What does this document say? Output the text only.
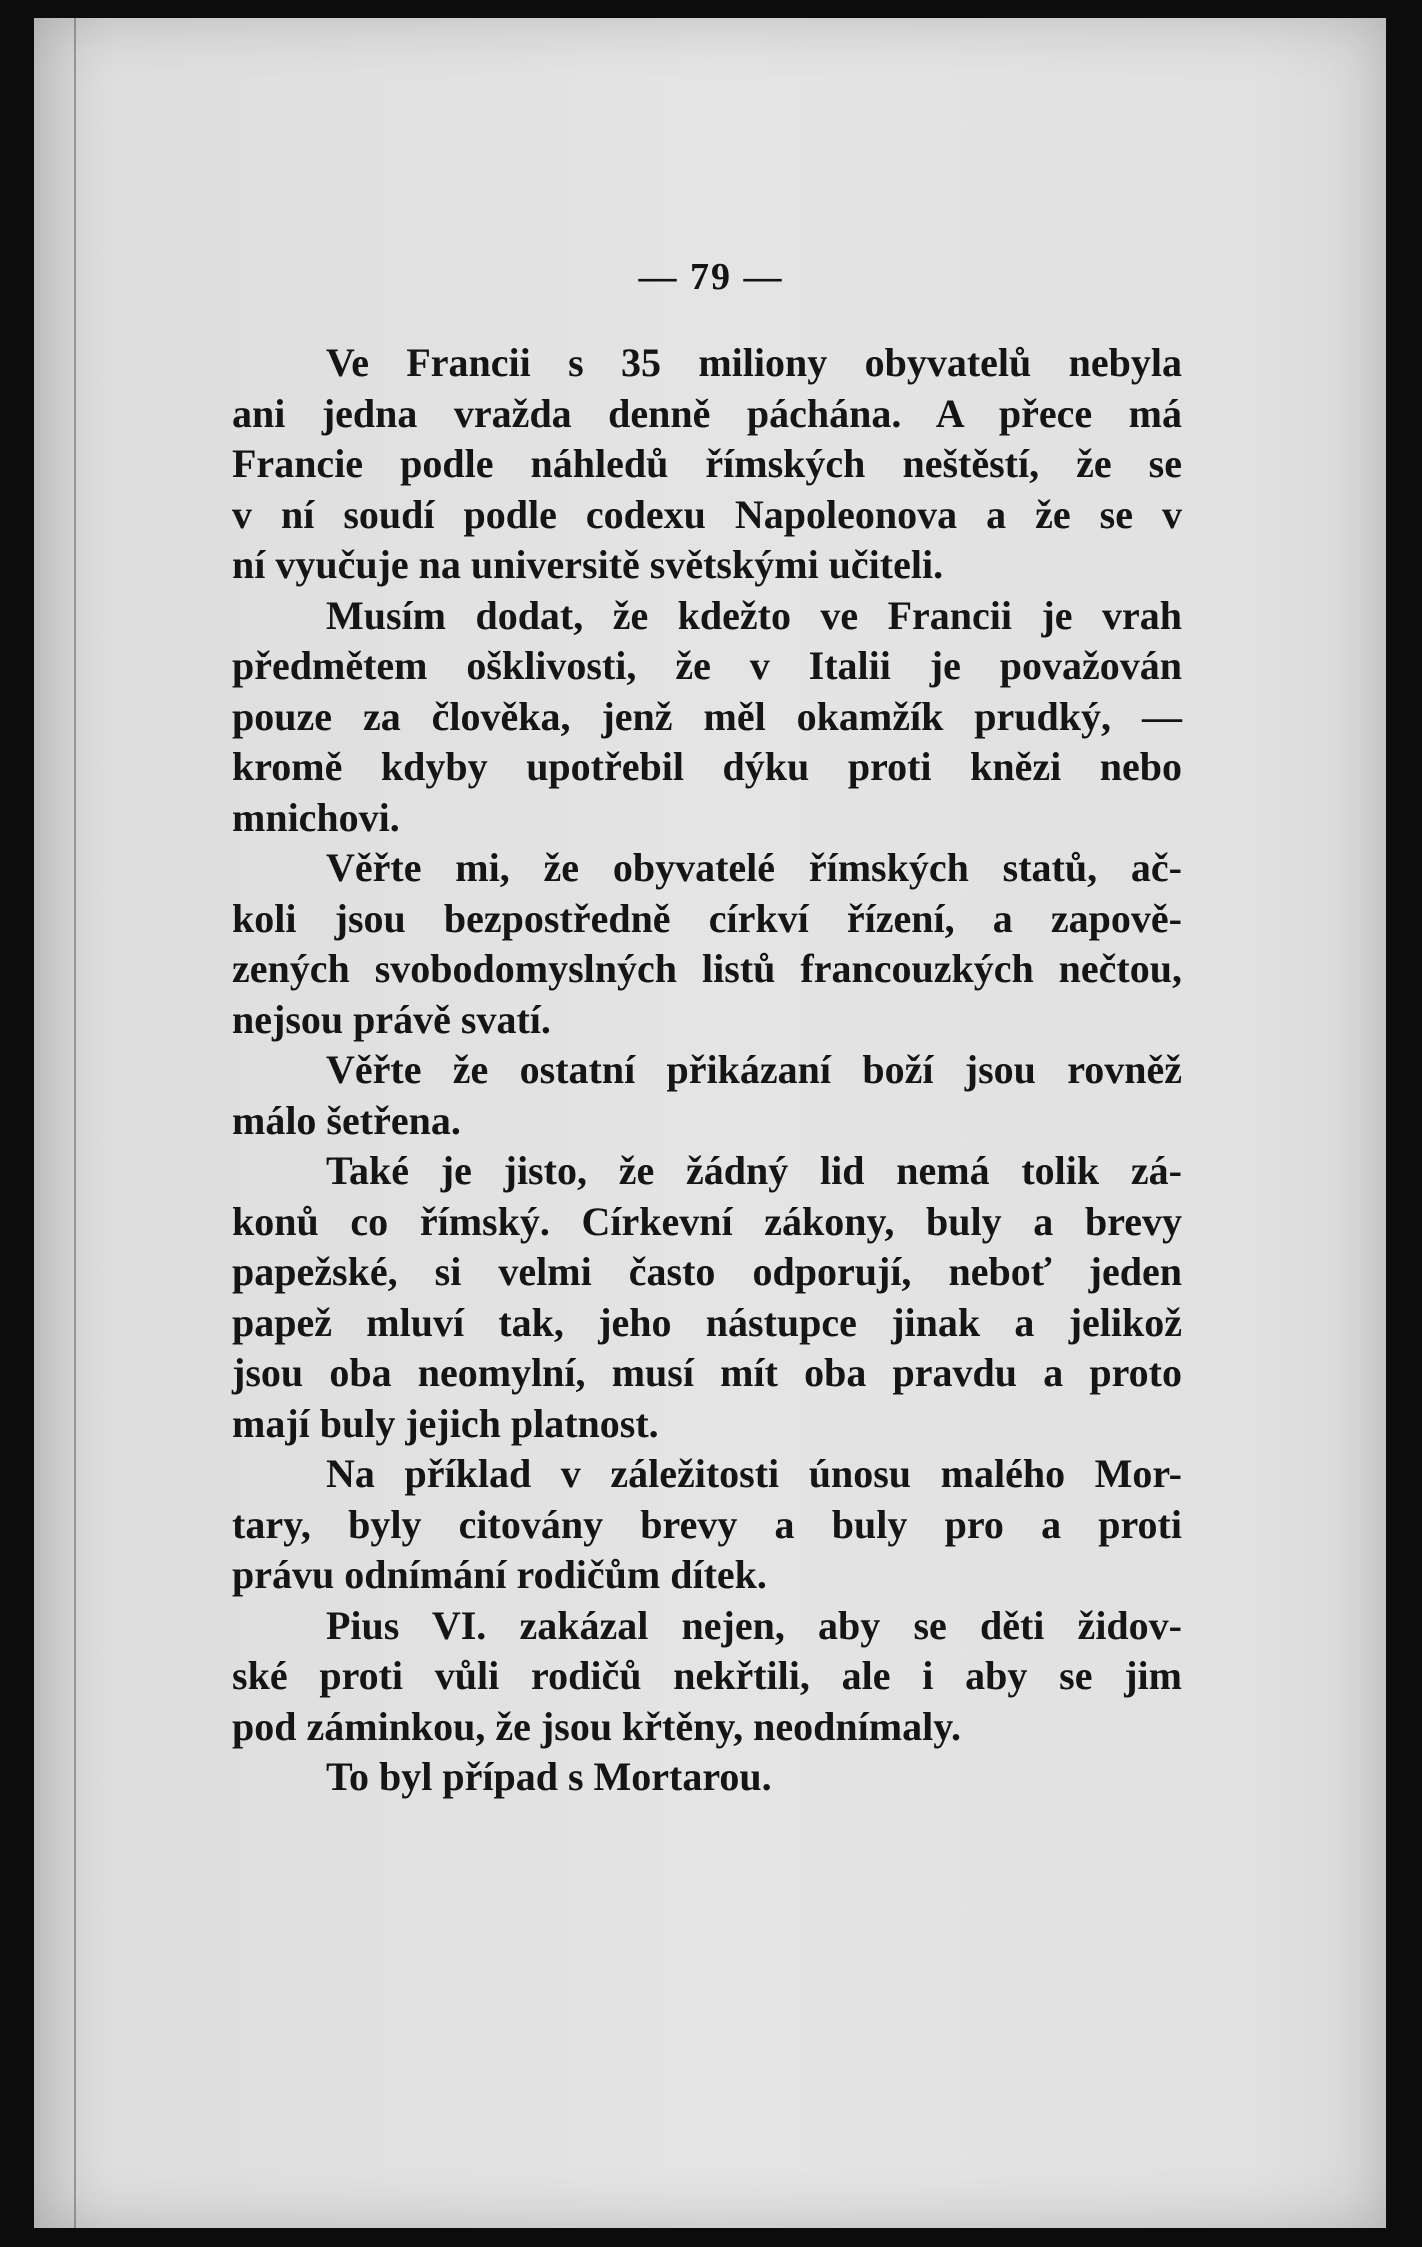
— 79 —
Ve Francii s 35 miliony obyvatelů nebyla
ani jedna vražda denně páchána. A přece má
Francie podle náhledů římských neštěstí, že se
v ní soudí podle codexu Napoleonova a že se v
ní vyučuje na universitě světskými učiteli.
Musím dodat, že kdežto ve Francii je vrah
předmětem ošklivosti, že v Italii je považován
pouze za člověka, jenž měl okamžík prudký, —
kromě kdyby upotřebil dýku proti knězi nebo
mnichovi.
Věřte mi, že obyvatelé římských statů, ač-
koli jsou bezpostředně církví řízení, a zapově-
zených svobodomyslných listů francouzkých nečtou,
nejsou právě svatí.
Věřte že ostatní přikázaní boží jsou rovněž
málo šetřena.
Také je jisto, že žádný lid nemá tolik zá-
konů co římský. Církevní zákony, buly a brevy
papežské, si velmi často odporují, neboť jeden
papež mluví tak, jeho nástupce jinak a jelikož
jsou oba neomylní, musí mít oba pravdu a proto
mají buly jejich platnost.
Na příklad v záležitosti únosu malého Mor-
tary, byly citovány brevy a buly pro a proti
právu odnímání rodičům dítek.
Pius VI. zakázal nejen, aby se děti židov-
ské proti vůli rodičů nekřtili, ale i aby se jim
pod záminkou, že jsou křtěny, neodnímaly.
To byl případ s Mortarou.
